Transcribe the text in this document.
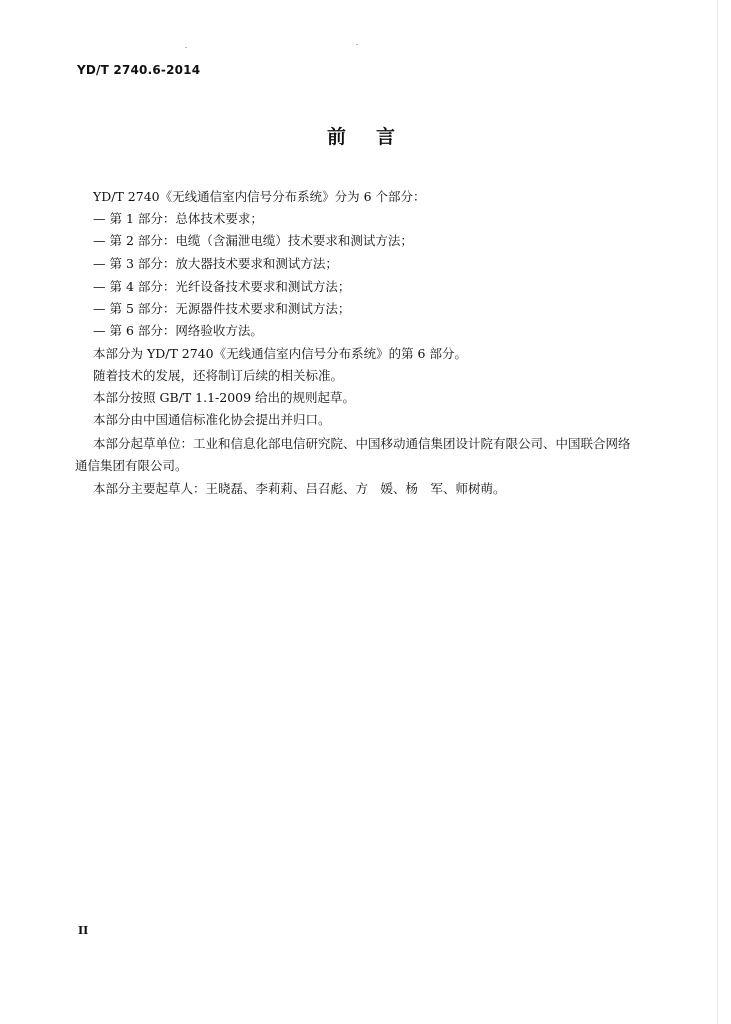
YD/T 2740.6-2014
前言
YD/T 2740《无线通信室内信号分布系统》分为 6 个部分：
— 第 1 部分：总体技术要求；
— 第 2 部分：电缆（含漏泄电缆）技术要求和测试方法；
— 第 3 部分：放大器技术要求和测试方法；
— 第 4 部分：光纤设备技术要求和测试方法；
— 第 5 部分：无源器件技术要求和测试方法；
— 第 6 部分：网络验收方法。
本部分为 YD/T 2740《无线通信室内信号分布系统》的第 6 部分。
随着技术的发展，还将制订后续的相关标准。
本部分按照 GB/T 1.1-2009 给出的规则起草。
本部分由中国通信标准化协会提出并归口。
本部分起草单位：工业和信息化部电信研究院、中国移动通信集团设计院有限公司、中国联合网络
通信集团有限公司。
本部分主要起草人：王晓磊、李莉莉、吕召彪、方　媛、杨　军、师树萌。
II
